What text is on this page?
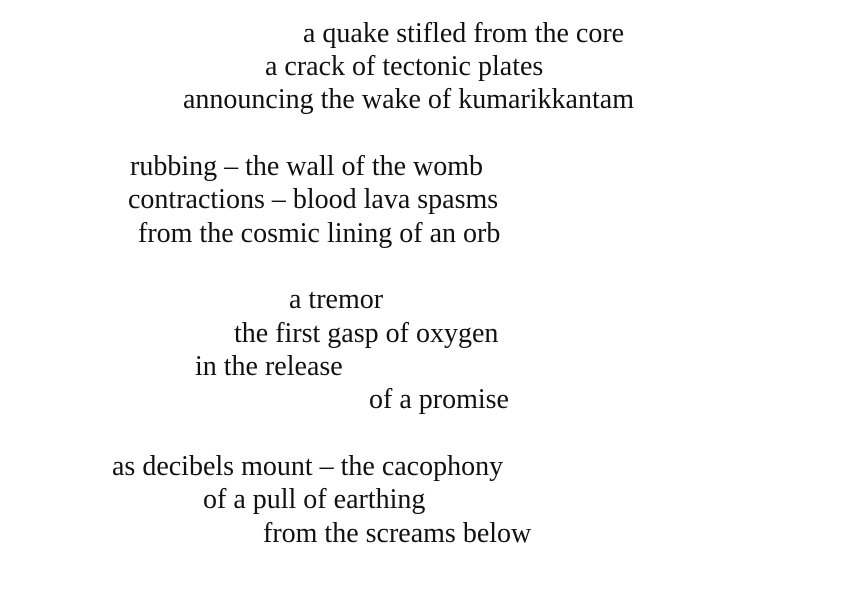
a quake stifled from the core
a crack of tectonic plates
announcing the wake of kumarikkantam
rubbing – the wall of the womb
contractions – blood lava spasms
from the cosmic lining of an orb
a tremor
the first gasp of oxygen
in the release
of a promise
as decibels mount – the cacophony
of a pull of earthing
from the screams below
